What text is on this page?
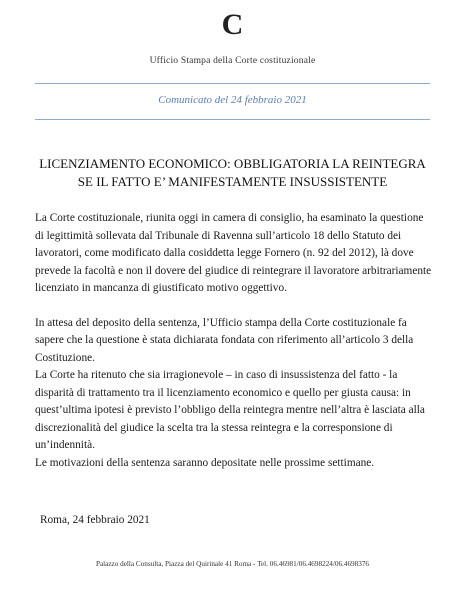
C
Ufficio Stampa della Corte costituzionale
Comunicato del 24 febbraio 2021
LICENZIAMENTO ECONOMICO: OBBLIGATORIA LA REINTEGRA
SE IL FATTO E’ MANIFESTAMENTE INSUSSISTENTE

La Corte costituzionale, riunita oggi in camera di consiglio, ha esaminato la questione di legittimità sollevata dal Tribunale di Ravenna sull’articolo 18 dello Statuto dei lavoratori, come modificato dalla cosiddetta legge Fornero (n. 92 del 2012), là dove prevede la facoltà e non il dovere del giudice di reintegrare il lavoratore arbitrariamente licenziato in mancanza di giustificato motivo oggettivo.

In attesa del deposito della sentenza, l’Ufficio stampa della Corte costituzionale fa sapere che la questione è stata dichiarata fondata con riferimento all’articolo 3 della Costituzione.

La Corte ha ritenuto che sia irragionevole – in caso di insussistenza del fatto - la disparità di trattamento tra il licenziamento economico e quello per giusta causa: in quest’ultima ipotesi è previsto l’obbligo della reintegra mentre nell’altra è lasciata alla discrezionalità del giudice la scelta tra la stessa reintegra e la corresponsione di un’indennità.

Le motivazioni della sentenza saranno depositate nelle prossime settimane.

Roma, 24 febbraio 2021
Palazzo della Consulta, Piazza del Quirinale 41 Roma - Tel. 06.46981/06.4698224/06.4698376
